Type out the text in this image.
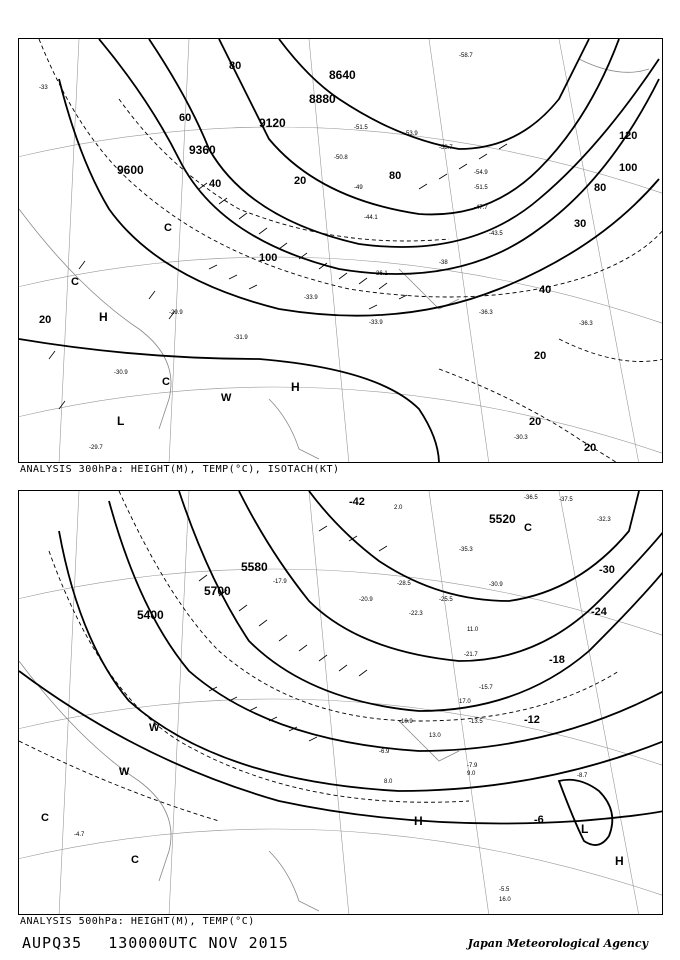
8640
8880
9120
9360
9600
80
60
80
40	20
100
120
100
80
30
40
20
20
20
20
H
L
H
C
W
C
C
-33
-51.5
-53.9
-53.7
-50.8
-49
-47.7
-43.5
-44.1
-38
-36.1
-33.9
-31.9
-29.9	-36.3
-33.9	-36.3
-30.3
-30.9
-29.7
-54.9
-51.5
-58.7
ANALYSIS 300hPa: HEIGHT(M), TEMP(°C), ISOTACH(KT)
5400
5520
5580
5700
-42
-30
-24
-18
-12
-6
H
L
H
C
W
C
W
C
-36.5	-37.5
-32.3
-35.3
-30.9
-28.5
-25.5
-22.3
-20.9
-17.9
-21.7
-15.7
-13.5
-10.9
-7.9
-5.5
-4.7
-8.7
-6.9
2.0
16.0
17.0
11.0
13.0
9.0
8.0
ANALYSIS 500hPa: HEIGHT(M), TEMP(°C)
AUPQ35 130000UTC NOV 2015	Japan Meteorological Agency
